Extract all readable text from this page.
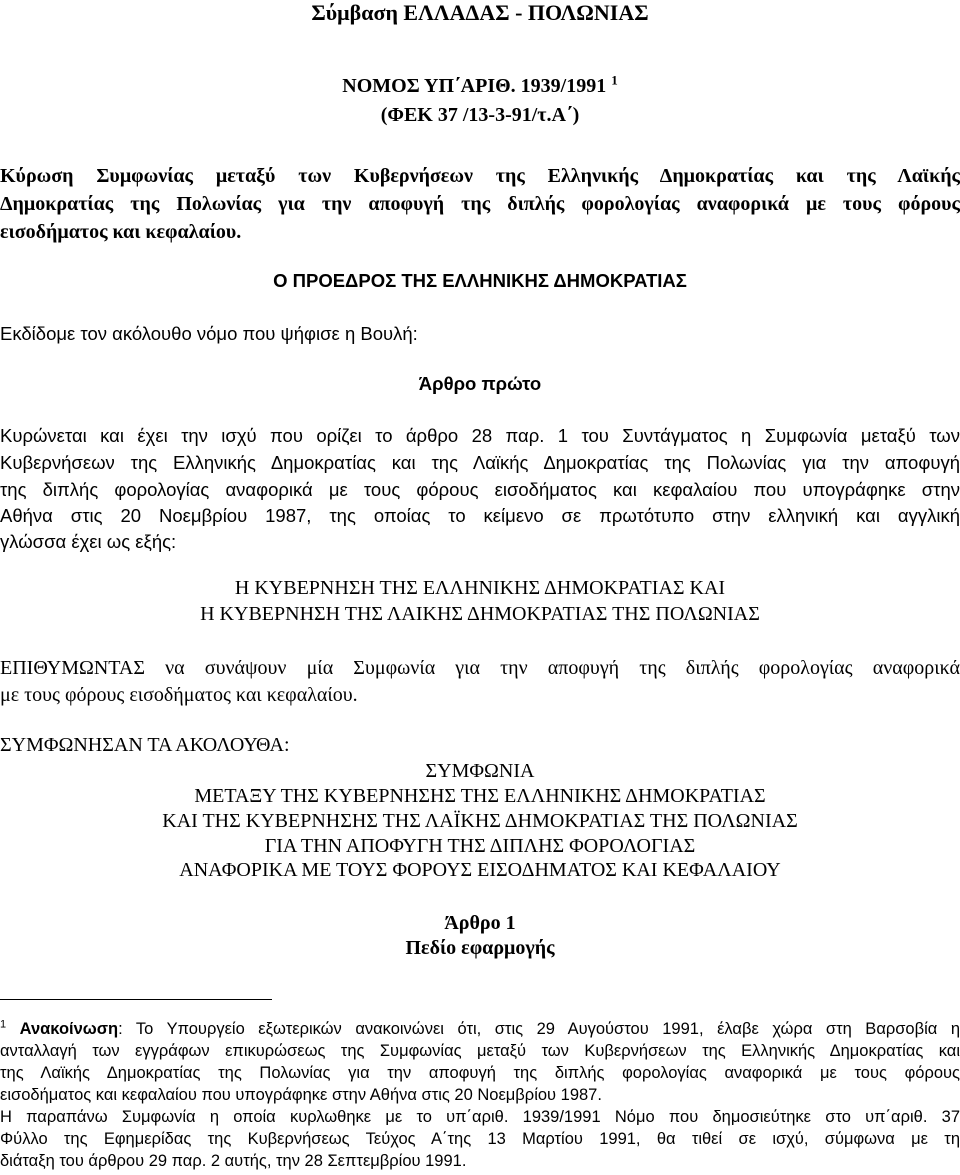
Σύμβαση ΕΛΛΑΔΑΣ - ΠΟΛΩΝΙΑΣ
ΝΟΜΟΣ ΥΠ΄ΑΡΙΘ. 1939/1991 $^1$
(ΦΕΚ 37 /13-3-91/τ.Α΄)
Κύρωση Συμφωνίας μεταξύ των Κυβερνήσεων της Ελληνικής Δημοκρατίας και της Λαϊκής
Δημοκρατίας της Πολωνίας για την αποφυγή της διπλής φορολογίας αναφορικά με τους φόρους
εισοδήματος και κεφαλαίου.
Ο ΠΡΟΕΔΡΟΣ ΤΗΣ ΕΛΛΗΝΙΚΗΣ ΔΗΜΟΚΡΑΤΙΑΣ
Εκδίδομε τον ακόλουθο νόμο που ψήφισε η Βουλή:
Άρθρο πρώτο
Κυρώνεται και έχει την ισχύ που ορίζει το άρθρο 28 παρ. 1 του Συντάγματος η Συμφωνία μεταξύ των
Κυβερνήσεων της Ελληνικής Δημοκρατίας και της Λαϊκής Δημοκρατίας της Πολωνίας για την αποφυγή
της διπλής φορολογίας αναφορικά με τους φόρους εισοδήματος και κεφαλαίου που υπογράφηκε στην
Αθήνα στις 20 Νοεμβρίου 1987, της οποίας το κείμενο σε πρωτότυπο στην ελληνική και αγγλική
γλώσσα έχει ως εξής:
Η ΚΥΒΕΡΝΗΣΗ ΤΗΣ ΕΛΛΗΝΙΚΗΣ ΔΗΜΟΚΡΑΤΙΑΣ ΚΑΙ
Η ΚΥΒΕΡΝΗΣΗ ΤΗΣ ΛΑΙΚΗΣ ΔΗΜΟΚΡΑΤΙΑΣ ΤΗΣ ΠΟΛΩΝΙΑΣ
ΕΠΙΘΥΜΩΝΤΑΣ να συνάψουν μία Συμφωνία για την αποφυγή της διπλής φορολογίας αναφορικά
με τους φόρους εισοδήματος και κεφαλαίου.
ΣΥΜΦΩΝΗΣΑΝ ΤΑ ΑΚΟΛΟΥΘΑ:
ΣΥΜΦΩΝΙΑ
ΜΕΤΑΞΥ ΤΗΣ ΚΥΒΕΡΝΗΣΗΣ ΤΗΣ ΕΛΛΗΝΙΚΗΣ ΔΗΜΟΚΡΑΤΙΑΣ
ΚΑΙ ΤΗΣ ΚΥΒΕΡΝΗΣΗΣ ΤΗΣ ΛΑΪΚΗΣ ΔΗΜΟΚΡΑΤΙΑΣ ΤΗΣ ΠΟΛΩΝΙΑΣ
ΓΙΑ ΤΗΝ ΑΠΟΦΥΓΗ ΤΗΣ ΔΙΠΛΗΣ ΦΟΡΟΛΟΓΙΑΣ
ΑΝΑΦΟΡΙΚΑ ΜΕ ΤΟΥΣ ΦΟΡΟΥΣ ΕΙΣΟΔΗΜΑΤΟΣ ΚΑΙ ΚΕΦΑΛΑΙΟΥ
Άρθρο 1
Πεδίο εφαρμογής
$^1$ Ανακοίνωση: Το Υπουργείο εξωτερικών ανακοινώνει ότι, στις 29 Αυγούστου 1991, έλαβε χώρα στη Βαρσοβία η
ανταλλαγή των εγγράφων επικυρώσεως της Συμφωνίας μεταξύ των Κυβερνήσεων της Ελληνικής Δημοκρατίας και
της Λαϊκής Δημοκρατίας της Πολωνίας για την αποφυγή της διπλής φορολογίας αναφορικά με τους φόρους
εισοδήματος και κεφαλαίου που υπογράφηκε στην Αθήνα στις 20 Νοεμβρίου 1987.
Η παραπάνω Συμφωνία η οποία κυρλωθηκε με το υπ΄αριθ. 1939/1991 Νόμο που δημοσιεύτηκε στο υπ΄αριθ. 37
Φύλλο της Εφημερίδας της Κυβερνήσεως Τεύχος Α΄της 13 Μαρτίου 1991, θα τιθεί σε ισχύ, σύμφωνα με τη
διάταξη του άρθρου 29 παρ. 2 αυτής, την 28 Σεπτεμβρίου 1991.
